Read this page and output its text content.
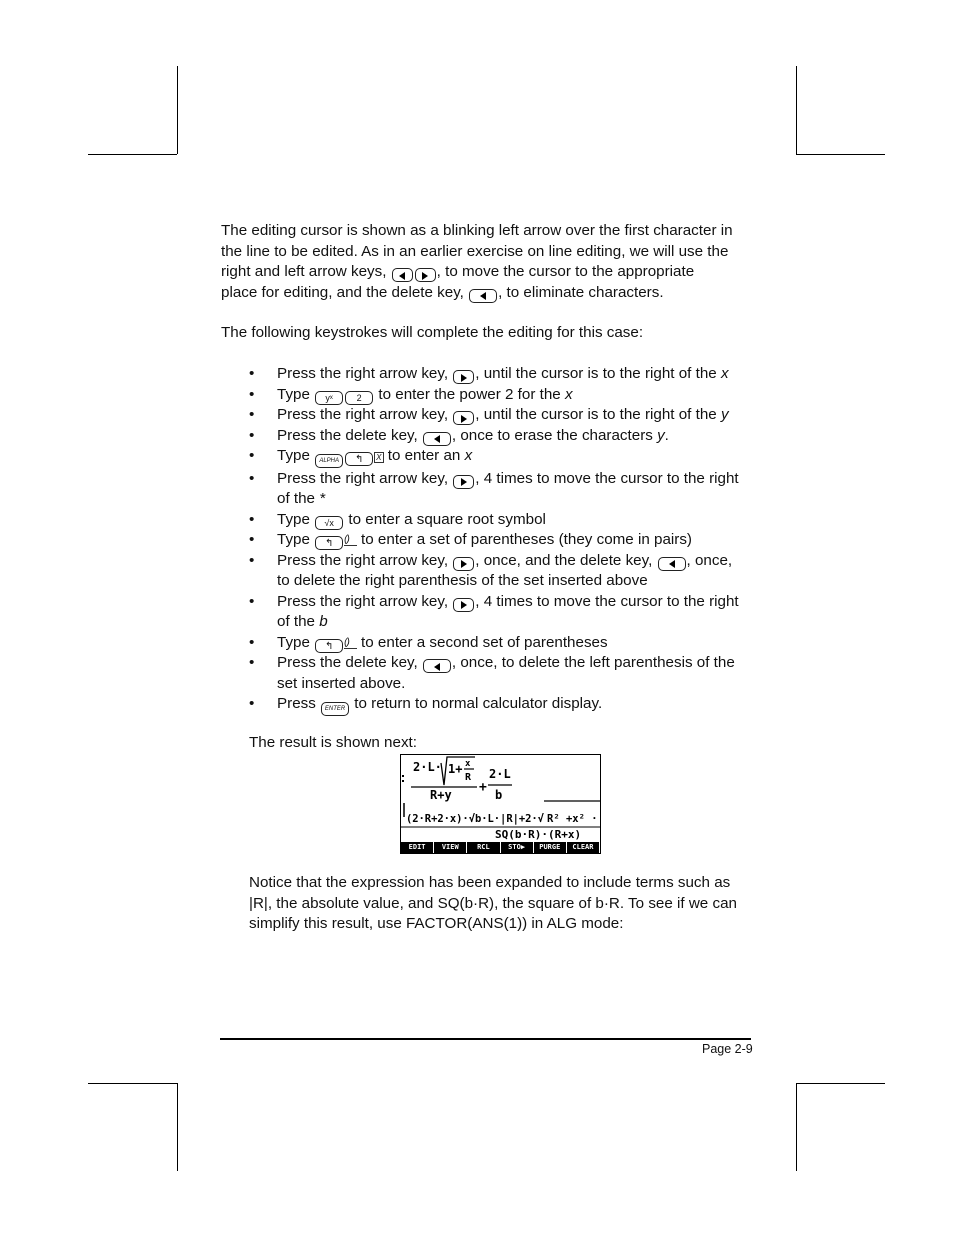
The editing cursor is shown as a blinking left arrow over the first character in
the line to be edited. As in an earlier exercise on line editing, we will use the
right and left arrow keys,	, to move the cursor to the appropriate
place for editing, and the delete key, , to eliminate characters.
The following keystrokes will complete the editing for this case:
• Press the right arrow key, , until the cursor is to the right of the x
• Type yˣ	2 to enter the power 2 for the x
• Press the right arrow key, , until the cursor is to the right of the y
• Press the delete key, , once to erase the characters y.
• Type ALPHA ↰ X to enter an x
• Press the right arrow key, , 4 times to move the cursor to the right
of the *
• Type √x to enter a square root symbol
• Type ↰ () to enter a set of parentheses (they come in pairs)
• Press the right arrow key, , once, and the delete key, , once,
to delete the right parenthesis of the set inserted above
• Press the right arrow key, , 4 times to move the cursor to the right
of the b
• Type ↰ () to enter a second set of parentheses
• Press the delete key, , once, to delete the left parenthesis of the
set inserted above.
• Press ENTER to return to normal calculator display.
The result is shown next:
2·L· 1+ x
R
R+y +
2·L
b
(2·R+2·x)·√b·L·|R|+2·√ R² +x² ·
SQ(b·R)·(R+x)
EDIT	VIEW	RCL	STO▶	PURGE	CLEAR
Notice that the expression has been expanded to include terms such as
|R|, the absolute value, and SQ(b·R), the square of b·R. To see if we can
simplify this result, use FACTOR(ANS(1)) in ALG mode:
Page 2-9
